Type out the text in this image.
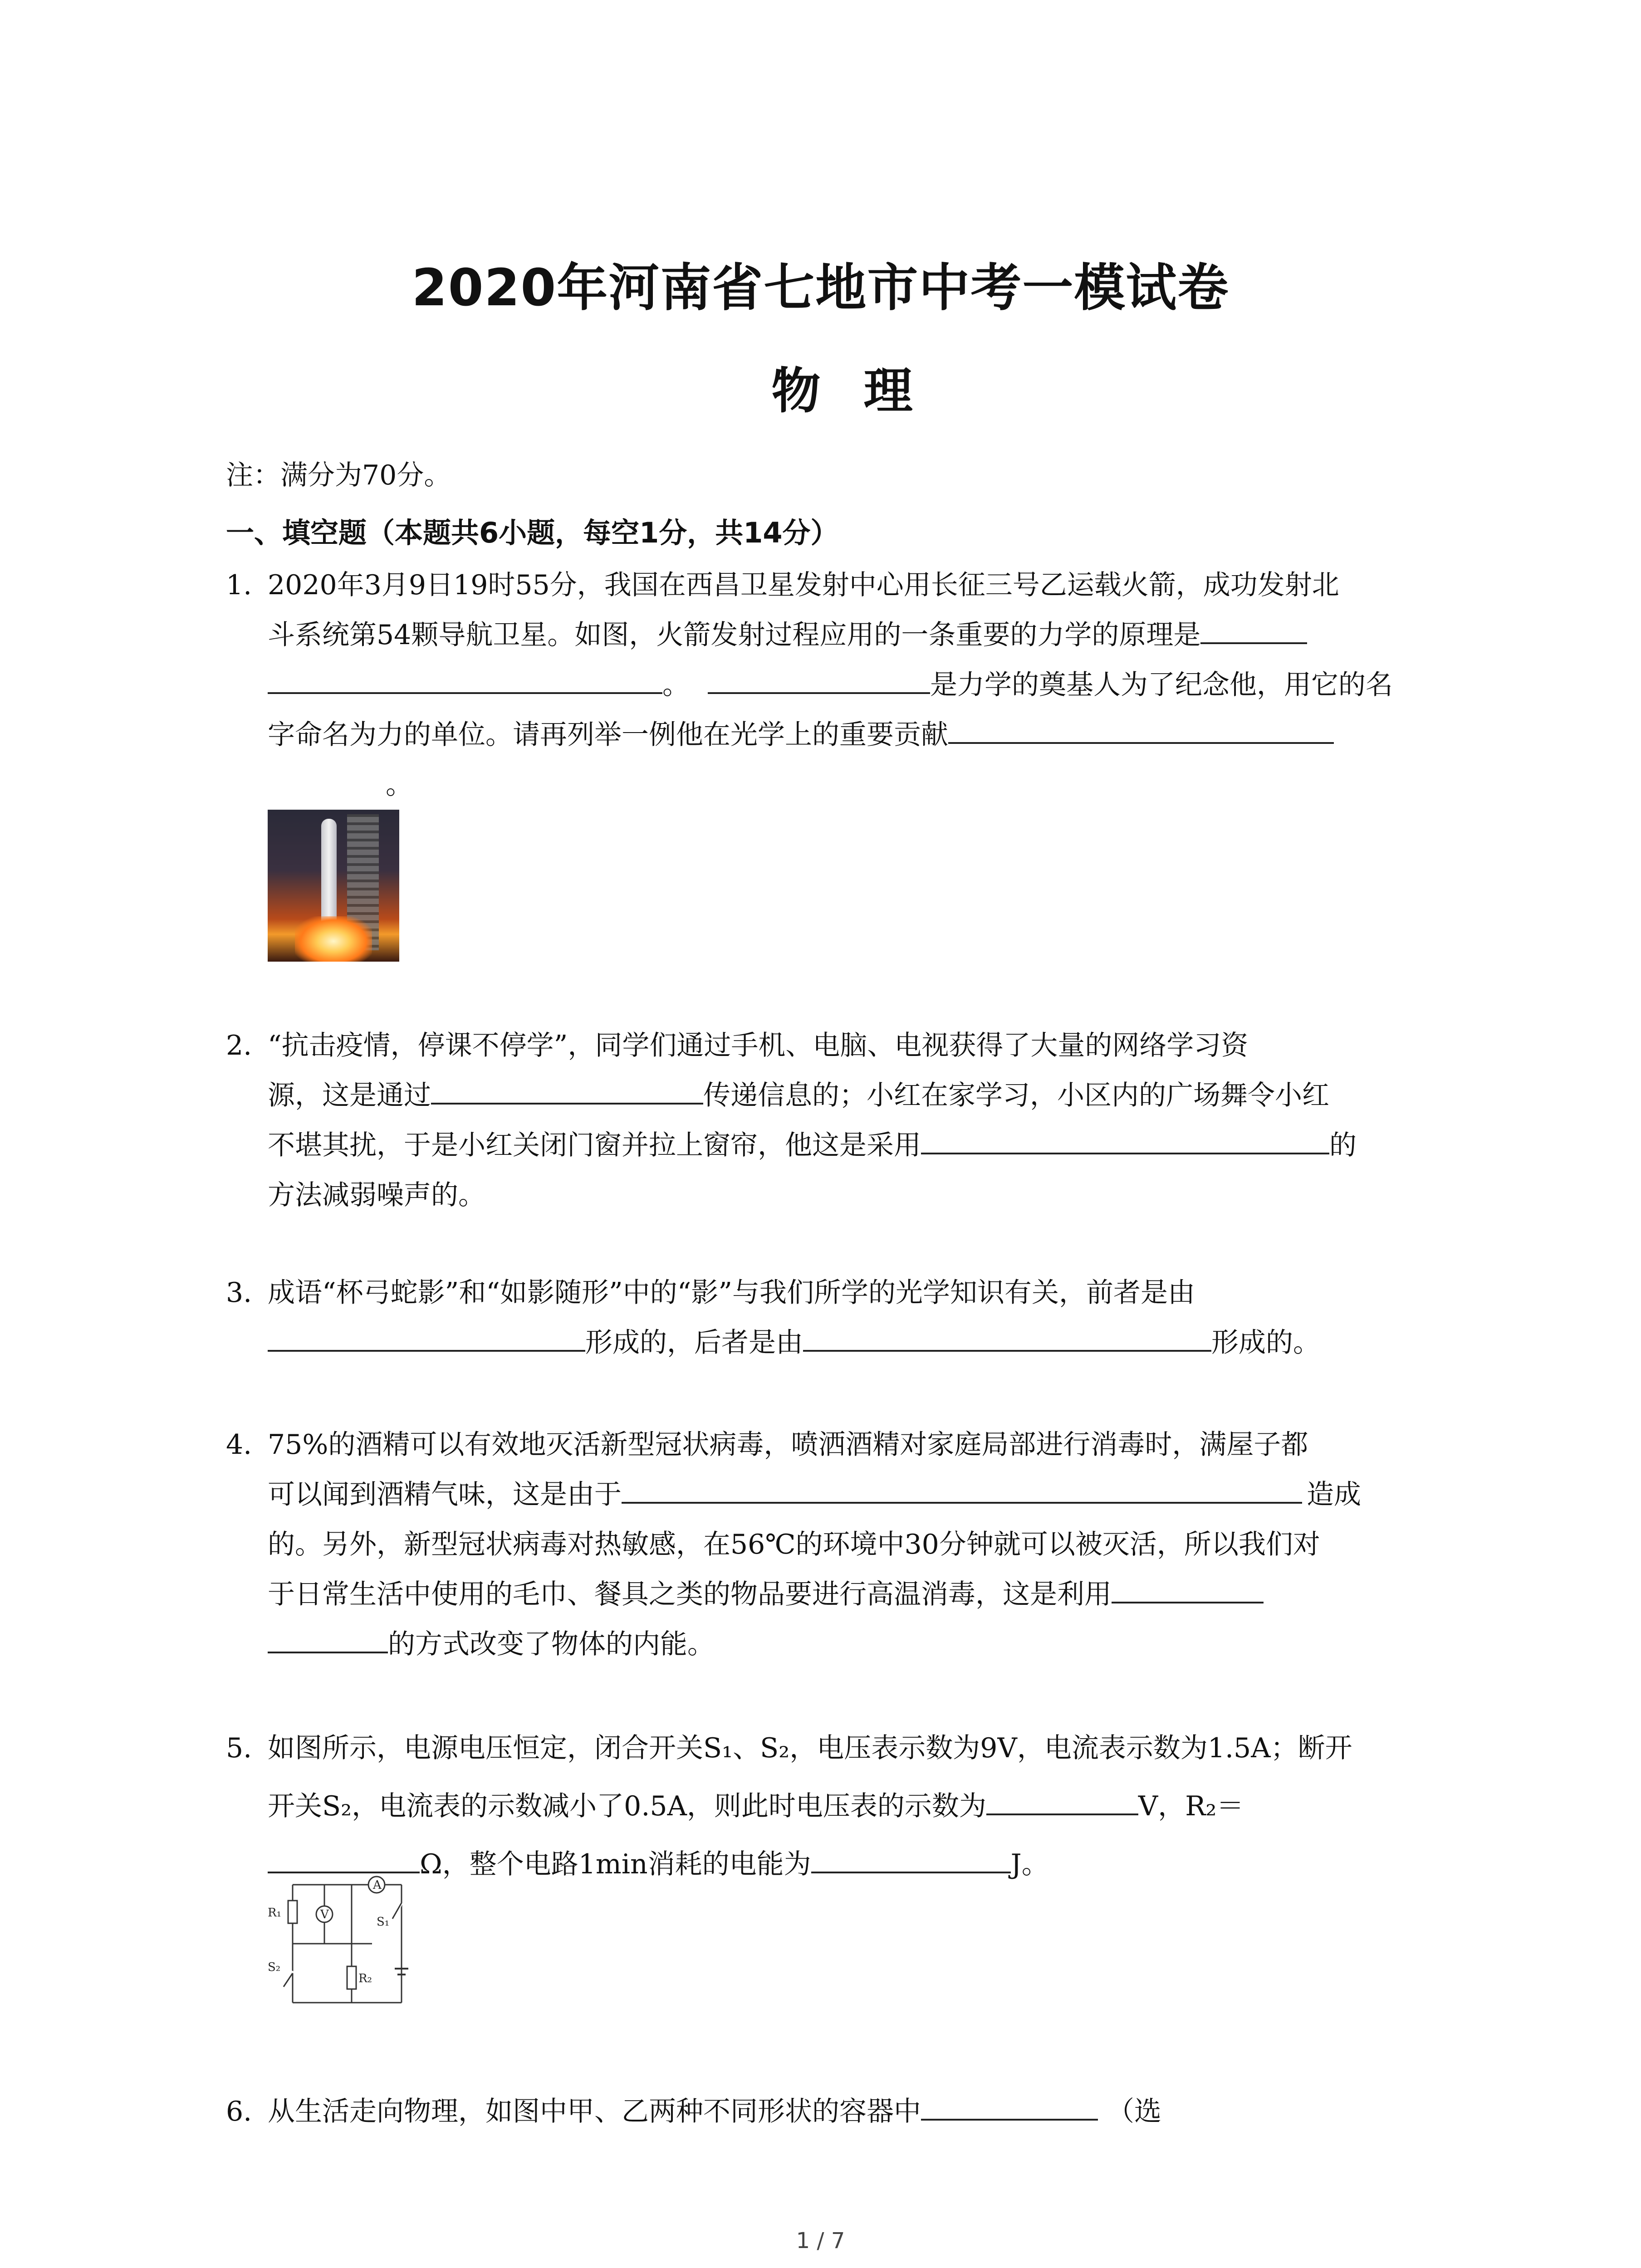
2020年河南省七地市中考一模试卷
物理
注：满分为70分。
一、填空题（本题共6小题，每空1分，共14分）
1. 2020年3月9日19时55分，我国在西昌卫星发射中心用长征三号乙运载火箭，成功发射北
斗系统第54颗导航卫星。如图，火箭发射过程应用的一条重要的力学的原理是
。	是力学的奠基人为了纪念他，用它的名
字命名为力的单位。请再列举一例他在光学上的重要贡献
。
2. “抗击疫情，停课不停学”，同学们通过手机、电脑、电视获得了大量的网络学习资
源，这是通过	传递信息的；小红在家学习，小区内的广场舞令小红
不堪其扰，于是小红关闭门窗并拉上窗帘，他这是采用	的
方法减弱噪声的。
3. 成语“杯弓蛇影”和“如影随形”中的“影”与我们所学的光学知识有关，前者是由
形成的，后者是由	形成的。
4. 75%的酒精可以有效地灭活新型冠状病毒，喷洒酒精对家庭局部进行消毒时，满屋子都
可以闻到酒精气味，这是由于	造成
的。另外，新型冠状病毒对热敏感，在56℃的环境中30分钟就可以被灭活，所以我们对
于日常生活中使用的毛巾、餐具之类的物品要进行高温消毒，这是利用
的方式改变了物体的内能。
5. 如图所示，电源电压恒定，闭合开关S₁、S₂，电压表示数为9V，电流表示数为1.5A；断开
开关S₂，电流表的示数减小了0.5A，则此时电压表的示数为	V，R₂＝
Ω，整个电路1min消耗的电能为	J。
A
V
R₁
R₂
S₁
S₂
6. 从生活走向物理，如图中甲、乙两种不同形状的容器中	（选
1 / 7
